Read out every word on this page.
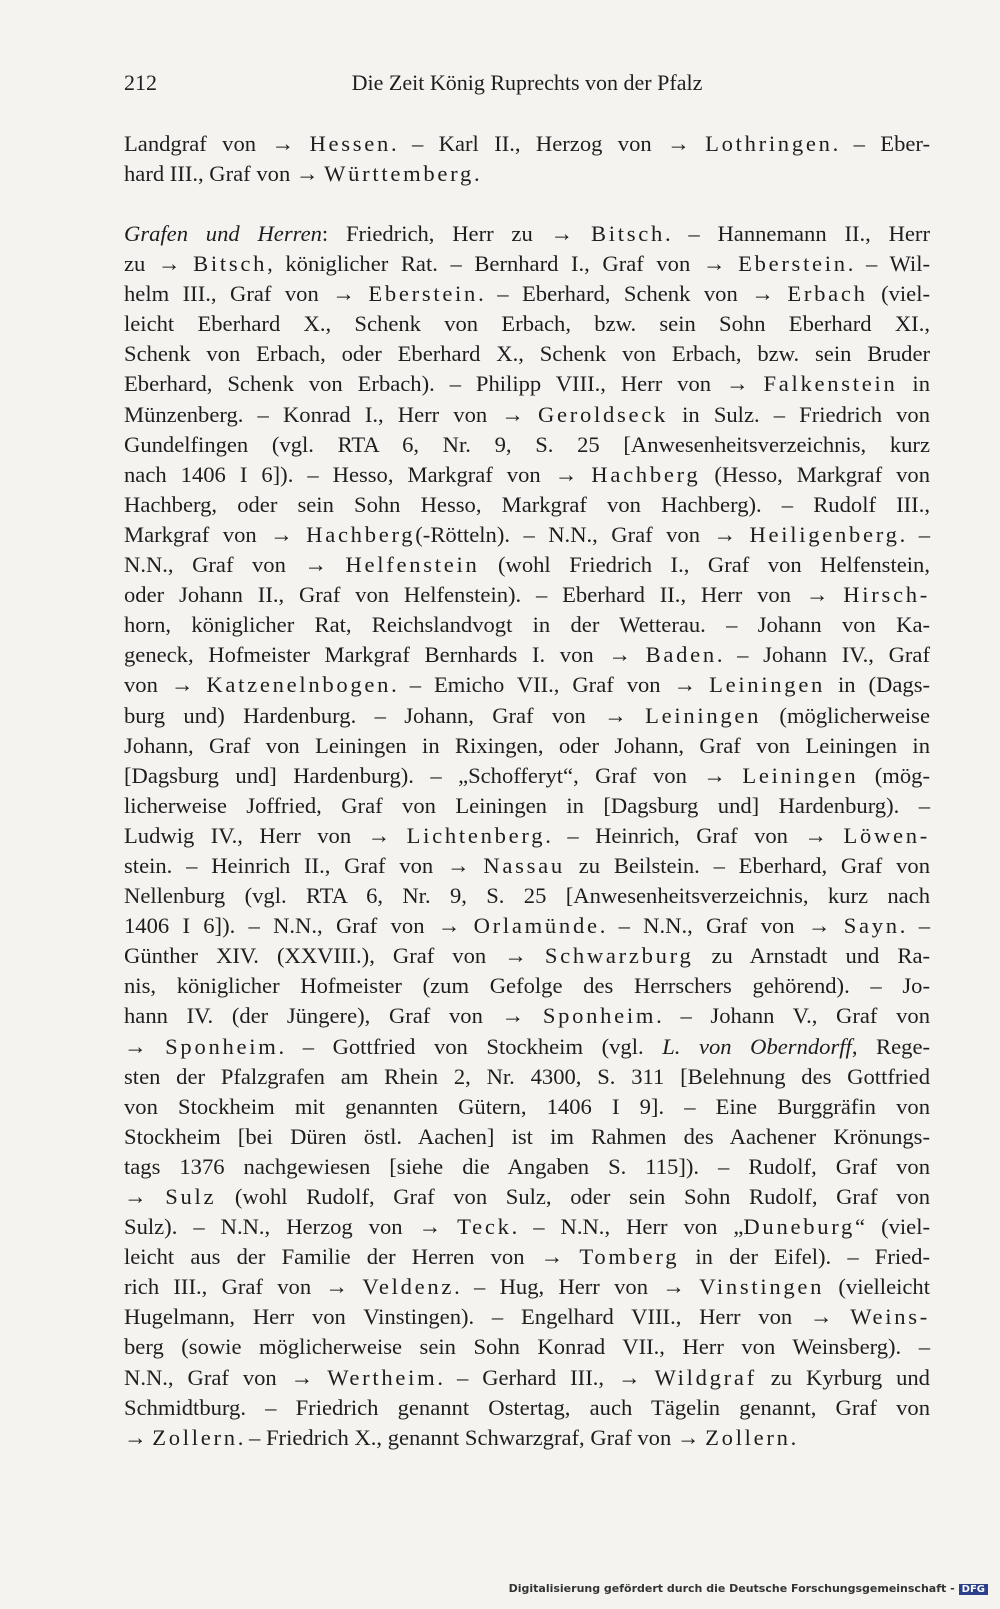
212	Die Zeit König Ruprechts von der Pfalz
Landgraf von → Hessen. – Karl II., Herzog von → Lothringen. – Eber-
hard III., Graf von → Württemberg.
Grafen und Herren: Friedrich, Herr zu → Bitsch. – Hannemann II., Herr
zu → Bitsch, königlicher Rat. – Bernhard I., Graf von → Eberstein. – Wil-
helm III., Graf von → Eberstein. – Eberhard, Schenk von → Erbach (viel-
leicht Eberhard X., Schenk von Erbach, bzw. sein Sohn Eberhard XI.,
Schenk von Erbach, oder Eberhard X., Schenk von Erbach, bzw. sein Bruder
Eberhard, Schenk von Erbach). – Philipp VIII., Herr von → Falkenstein in
Münzenberg. – Konrad I., Herr von → Geroldseck in Sulz. – Friedrich von
Gundelfingen (vgl. RTA 6, Nr. 9, S. 25 [Anwesenheitsverzeichnis, kurz
nach 1406 I 6]). – Hesso, Markgraf von → Hachberg (Hesso, Markgraf von
Hachberg, oder sein Sohn Hesso, Markgraf von Hachberg). – Rudolf III.,
Markgraf von → Hachberg(-Rötteln). – N.N., Graf von → Heiligenberg. –
N.N., Graf von → Helfenstein (wohl Friedrich I., Graf von Helfenstein,
oder Johann II., Graf von Helfenstein). – Eberhard II., Herr von → Hirsch-
horn, königlicher Rat, Reichslandvogt in der Wetterau. – Johann von Ka-
geneck, Hofmeister Markgraf Bernhards I. von → Baden. – Johann IV., Graf
von → Katzenelnbogen. – Emicho VII., Graf von → Leiningen in (Dags-
burg und) Hardenburg. – Johann, Graf von → Leiningen (möglicherweise
Johann, Graf von Leiningen in Rixingen, oder Johann, Graf von Leiningen in
[Dagsburg und] Hardenburg). – „Schofferyt“, Graf von → Leiningen (mög-
licherweise Joffried, Graf von Leiningen in [Dagsburg und] Hardenburg). –
Ludwig IV., Herr von → Lichtenberg. – Heinrich, Graf von → Löwen-
stein. – Heinrich II., Graf von → Nassau zu Beilstein. – Eberhard, Graf von
Nellenburg (vgl. RTA 6, Nr. 9, S. 25 [Anwesenheitsverzeichnis, kurz nach
1406 I 6]). – N.N., Graf von → Orlamünde. – N.N., Graf von → Sayn. –
Günther XIV. (XXVIII.), Graf von → Schwarzburg zu Arnstadt und Ra-
nis, königlicher Hofmeister (zum Gefolge des Herrschers gehörend). – Jo-
hann IV. (der Jüngere), Graf von → Sponheim. – Johann V., Graf von
→ Sponheim. – Gottfried von Stockheim (vgl. L. von Oberndorff, Rege-
sten der Pfalzgrafen am Rhein 2, Nr. 4300, S. 311 [Belehnung des Gottfried
von Stockheim mit genannten Gütern, 1406 I 9]. – Eine Burggräfin von
Stockheim [bei Düren östl. Aachen] ist im Rahmen des Aachener Krönungs-
tags 1376 nachgewiesen [siehe die Angaben S. 115]). – Rudolf, Graf von
→ Sulz (wohl Rudolf, Graf von Sulz, oder sein Sohn Rudolf, Graf von
Sulz). – N.N., Herzog von → Teck. – N.N., Herr von „Duneburg“ (viel-
leicht aus der Familie der Herren von → Tomberg in der Eifel). – Fried-
rich III., Graf von → Veldenz. – Hug, Herr von → Vinstingen (vielleicht
Hugelmann, Herr von Vinstingen). – Engelhard VIII., Herr von → Weins-
berg (sowie möglicherweise sein Sohn Konrad VII., Herr von Weinsberg). –
N.N., Graf von → Wertheim. – Gerhard III., → Wildgraf zu Kyrburg und
Schmidtburg. – Friedrich genannt Ostertag, auch Tägelin genannt, Graf von
→ Zollern. – Friedrich X., genannt Schwarzgraf, Graf von → Zollern.
Digitalisierung gefördert durch die Deutsche Forschungsgemeinschaft - DFG
